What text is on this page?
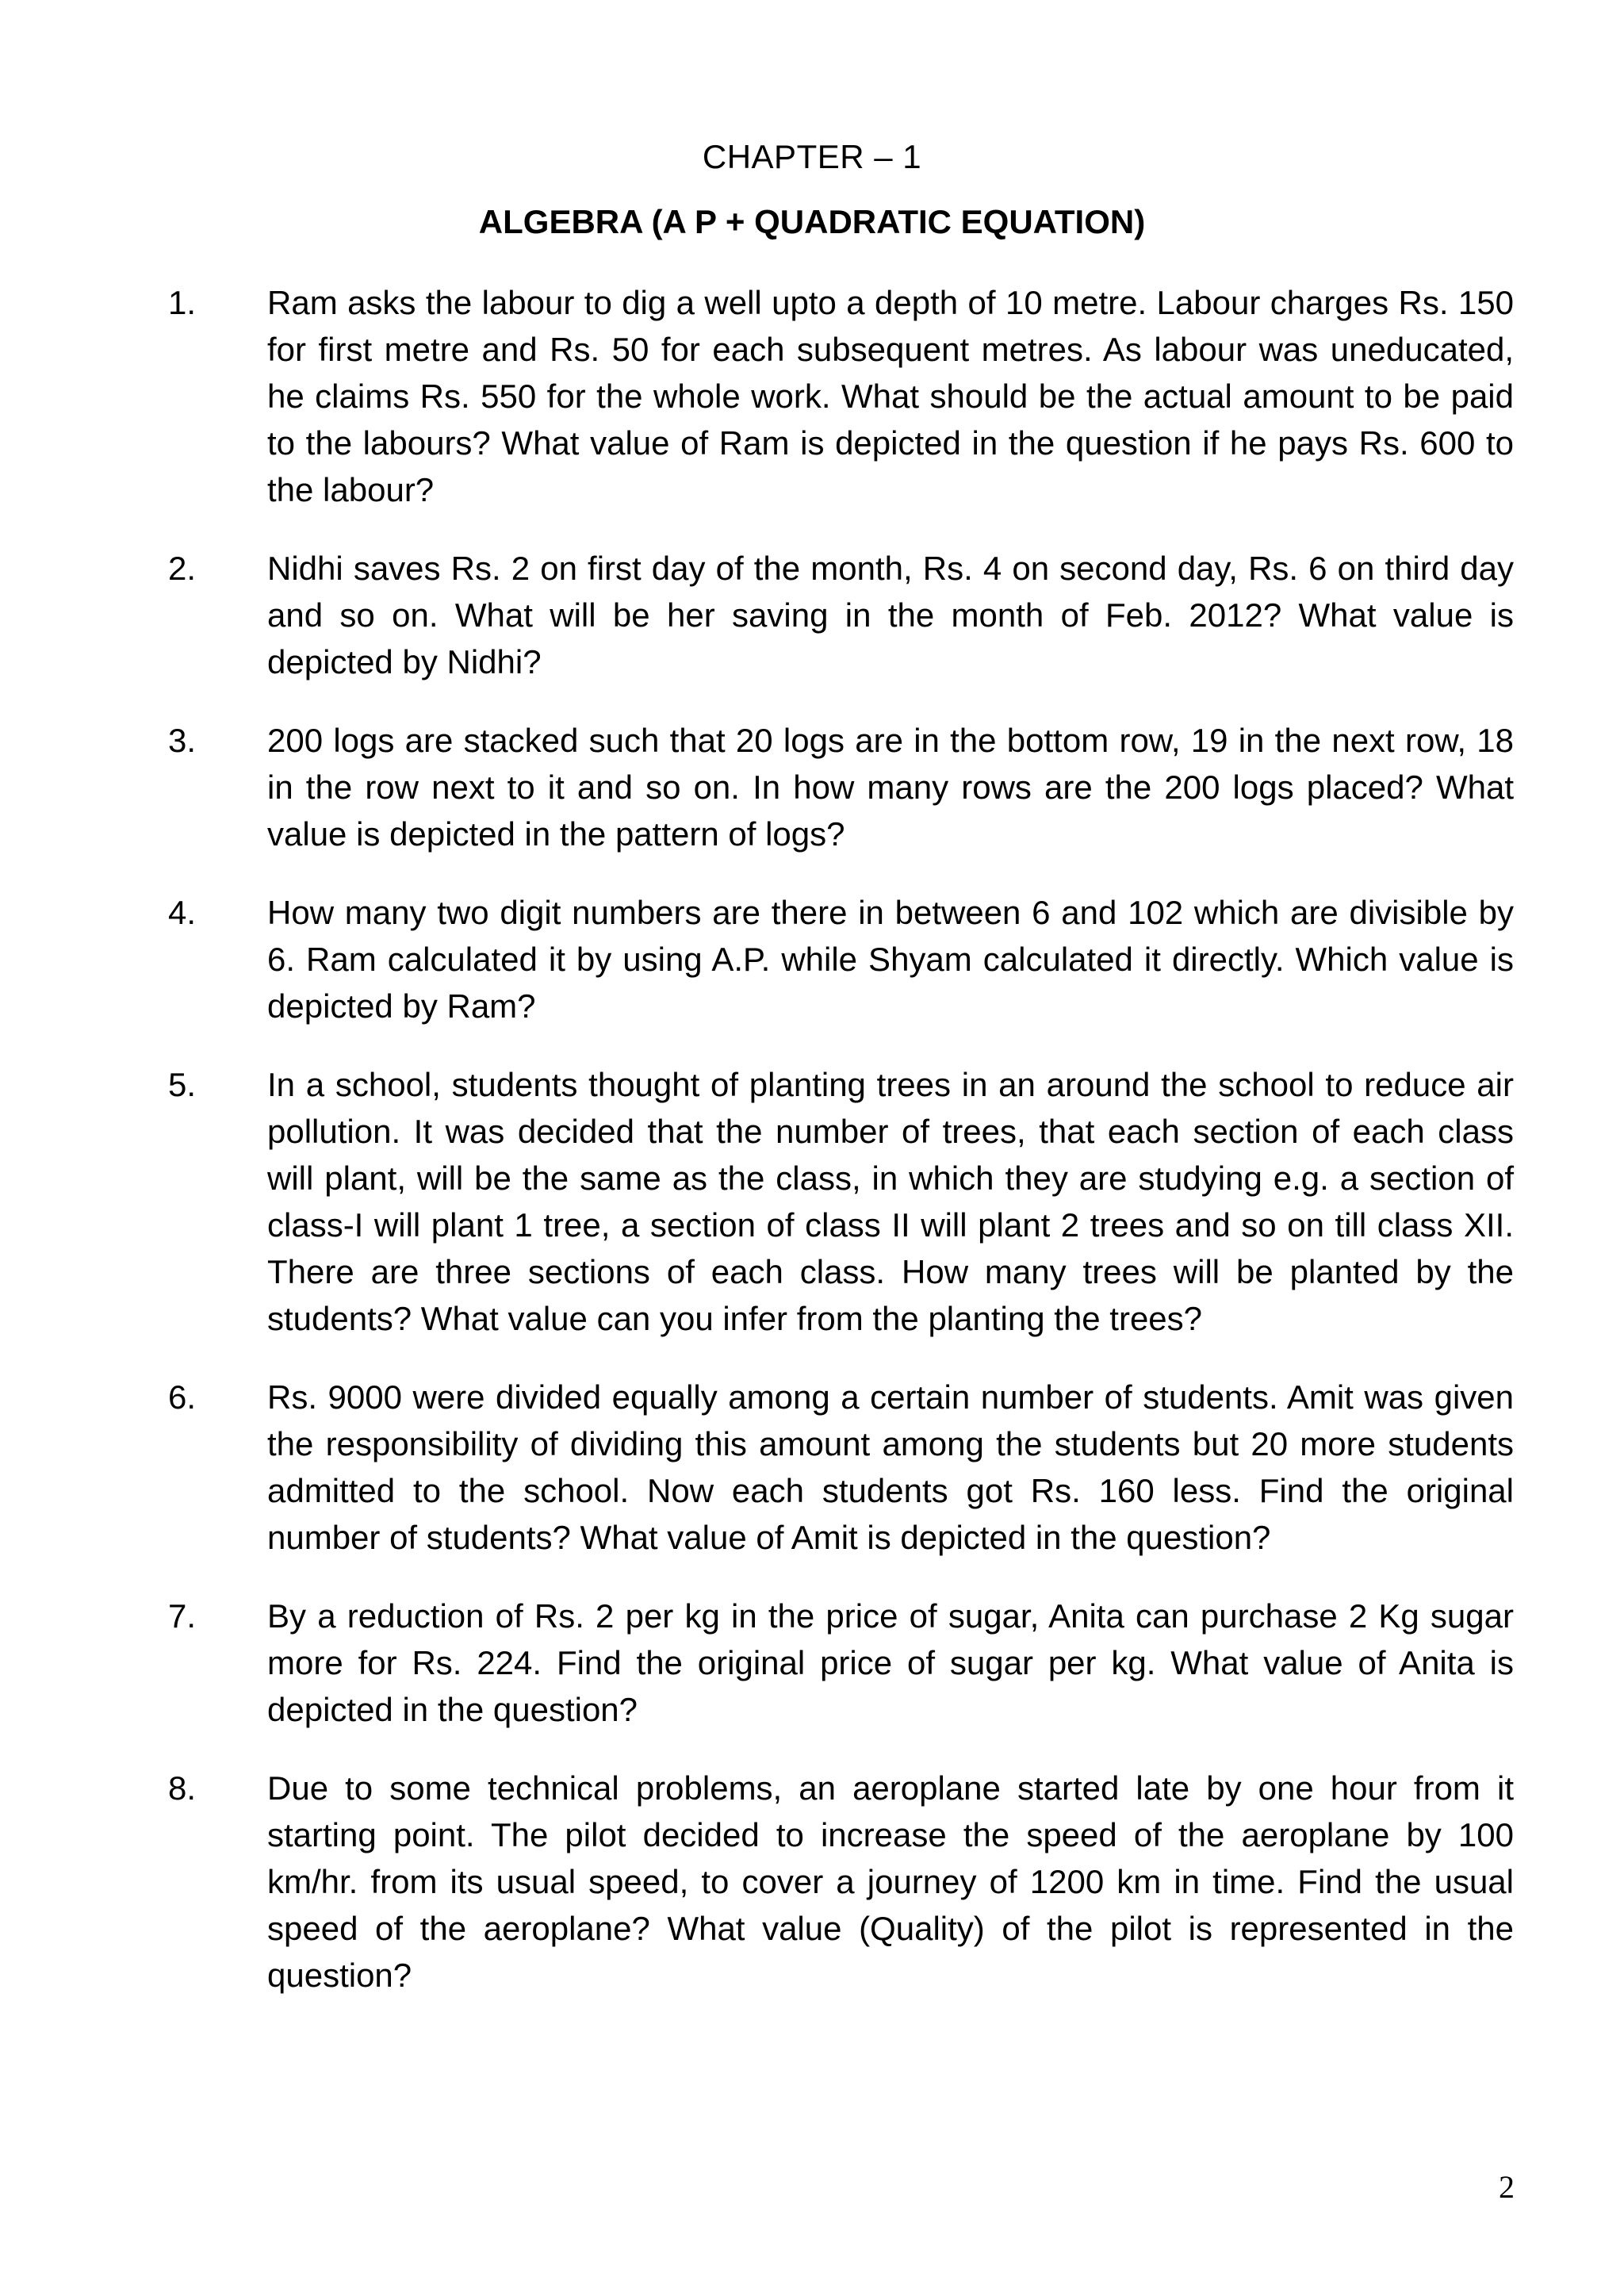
CHAPTER – 1
ALGEBRA (A P + QUADRATIC EQUATION)
1.	Ram asks the labour to dig a well upto a depth of 10 metre. Labour charges Rs. 150 for first metre and Rs. 50 for each subsequent metres. As labour was uneducated, he claims Rs. 550 for the whole work. What should be the actual amount to be paid to the labours? What value of Ram is depicted in the question if he pays Rs. 600 to the labour?
2.	Nidhi saves Rs. 2 on first day of the month, Rs. 4 on second day, Rs. 6 on third day and so on. What will be her saving in the month of Feb. 2012? What value is depicted by Nidhi?
3.	200 logs are stacked such that 20 logs are in the bottom row, 19 in the next row, 18 in the row next to it and so on. In how many rows are the 200 logs placed? What value is depicted in the pattern of logs?
4.	How many two digit numbers are there in between 6 and 102 which are divisible by 6. Ram calculated it by using A.P. while Shyam calculated it directly. Which value is depicted by Ram?
5.	In a school, students thought of planting trees in an around the school to reduce air pollution. It was decided that the number of trees, that each section of each class will plant, will be the same as the class, in which they are studying e.g. a section of class-I will plant 1 tree, a section of class II will plant 2 trees and so on till class XII. There are three sections of each class. How many trees will be planted by the students? What value can you infer from the planting the trees?
6.	Rs. 9000 were divided equally among a certain number of students. Amit was given the responsibility of dividing this amount among the students but 20 more students admitted to the school. Now each students got Rs. 160 less. Find the original number of students? What value of Amit is depicted in the question?
7.	By a reduction of Rs. 2 per kg in the price of sugar, Anita can purchase 2 Kg sugar more for Rs. 224. Find the original price of sugar per kg. What value of Anita is depicted in the question?
8.	Due to some technical problems, an aeroplane started late by one hour from it starting point. The pilot decided to increase the speed of the aeroplane by 100 km/hr. from its usual speed, to cover a journey of 1200 km in time. Find the usual speed of the aeroplane? What value (Quality) of the pilot is represented in the question?
2
